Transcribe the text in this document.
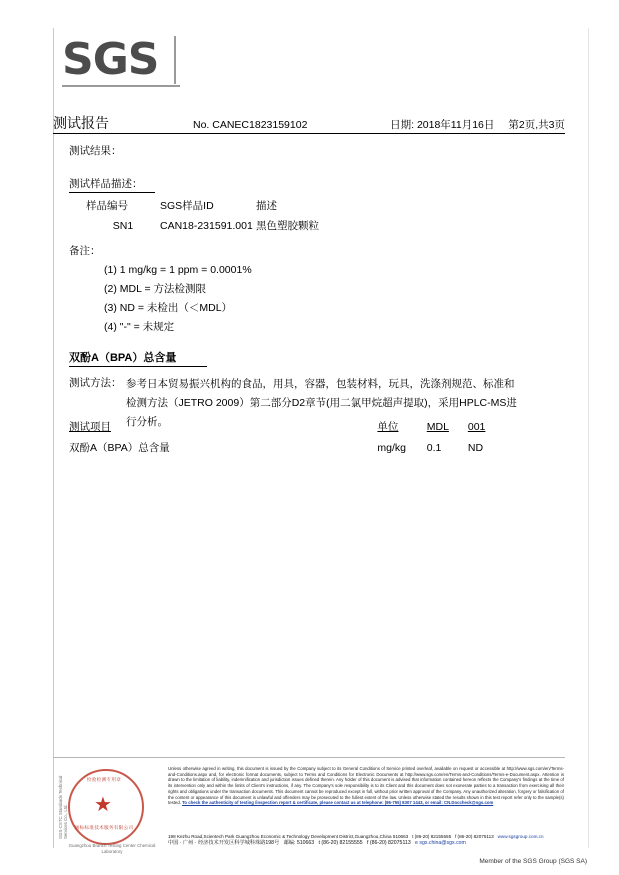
SGS
测试报告	No. CANEC1823159102	日期: 2018年11月16日 第2页,共3页
测试结果：
测试样品描述：
样品编号	SGS样品ID	描述
SN1	CAN18-231591.001	黑色塑胶颗粒
备注：
(1) 1 mg/kg = 1 ppm = 0.0001%
(2) MDL = 方法检测限
(3) ND = 未检出（＜MDL）
(4) "-" = 未规定
双酚A（BPA）总含量
测试方法： 参考日本贸易振兴机构的食品，用具，容器，包装材料，玩具，洗涤剂规范、标准和检测方法（JETRO 2009）第二部分D2章节(用二氯甲烷超声提取)，采用HPLC-MS进行分析。
测试项目	单位	MDL	001
双酚A（BPA）总含量	mg/kg	0.1	ND
检验检测专用章
★
通标标准技术服务有限公司
SGS-CSTC Standards Technical Services Co., Ltd.
Guangzhou Branch Testing Center Chemical Laboratory
Unless otherwise agreed in writing, this document is issued by the Company subject to its General Conditions of Service printed overleaf, available on request or accessible at http://www.sgs.com/en/Terms-and-Conditions.aspx and, for electronic format documents, subject to Terms and Conditions for Electronic Documents at http://www.sgs.com/en/Terms-and-Conditions/Terms-e-Document.aspx. Attention is drawn to the limitation of liability, indemnification and jurisdiction issues defined therein. Any holder of this document is advised that information contained hereon reflects the Company's findings at the time of its intervention only and within the limits of Client's instructions, if any. The Company's sole responsibility is to its Client and this document does not exonerate parties to a transaction from exercising all their rights and obligations under the transaction documents. This document cannot be reproduced except in full, without prior written approval of the Company. Any unauthorized alteration, forgery or falsification of the content or appearance of this document is unlawful and offenders may be prosecuted to the fullest extent of the law. Unless otherwise stated the results shown in this test report refer only to the sample(s) tested. To check the authenticity of testing /inspection report & certificate, please contact us at telephone: (86-755) 8307 1443, or email: CN.Doccheck@sgs.com
198 Kezhu Road,Scientech Park Guangzhou Economic & Technology Development District,Guangzhou,China 510663 t (86-20) 82155555 f (86-20) 82075113 www.sgsgroup.com.cn
中国 · 广州 · 经济技术开发区科学城科珠路198号 邮编: 510663 t (86-20) 82155555 f (86-20) 82075113 e sgs.china@sgs.com
Member of the SGS Group (SGS SA)
